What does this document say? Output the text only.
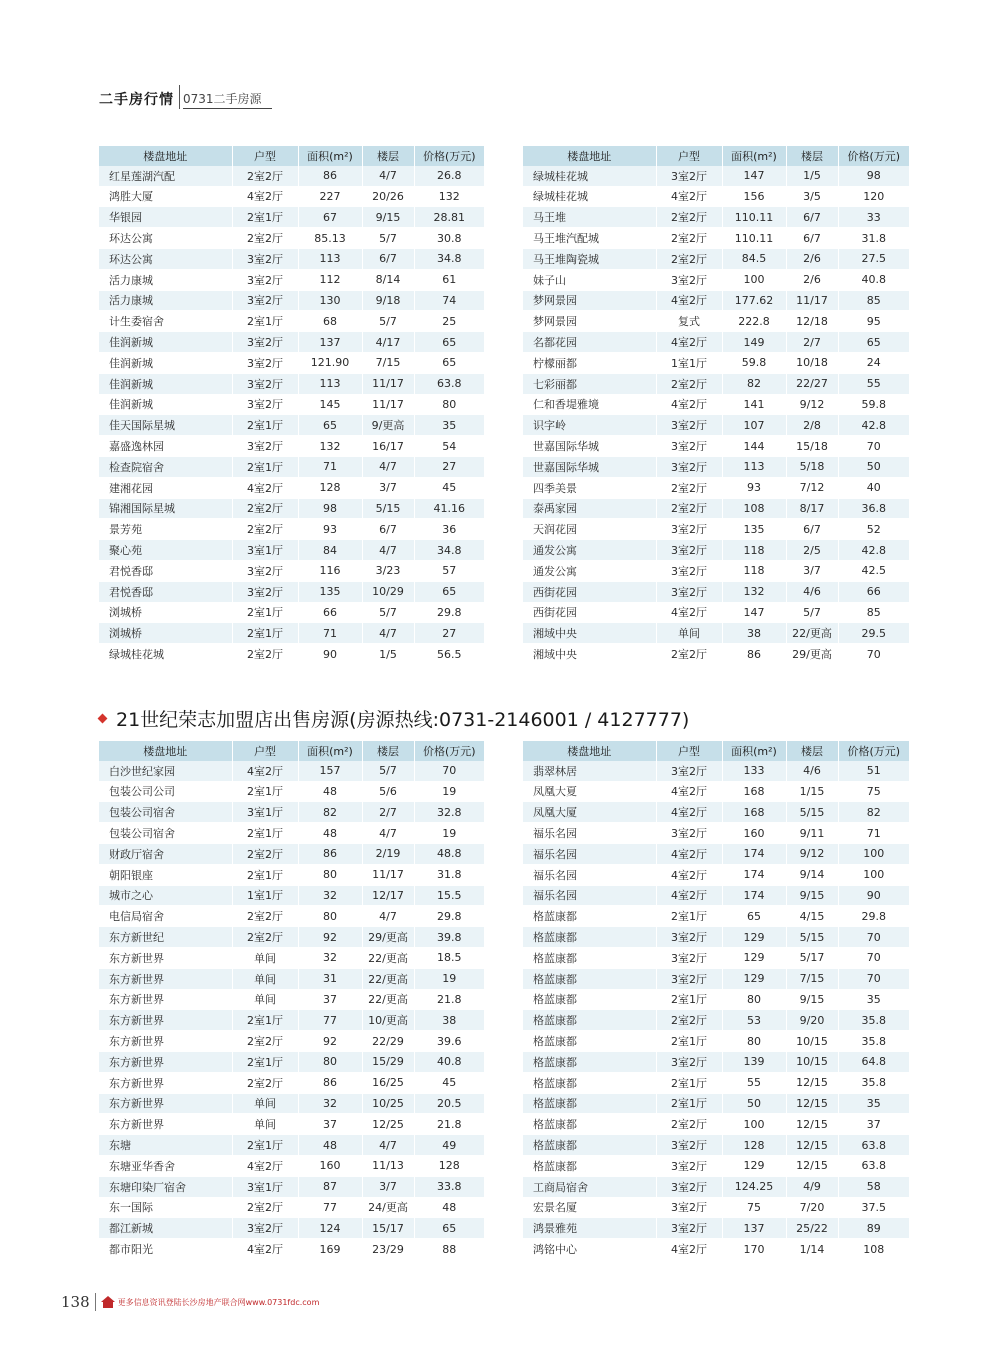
二手房行情 0731二手房源
楼盘地址	户型	面积(m²)	楼层	价格(万元)
红星莲湖汽配	2室2厅	86	4/7	26.8
鸿胜大厦	4室2厅	227	20/26	132
华银园	2室1厅	67	9/15	28.81
环达公寓	2室2厅	85.13	5/7	30.8
环达公寓	3室2厅	113	6/7	34.8
活力康城	3室2厅	112	8/14	61
活力康城	3室2厅	130	9/18	74
计生委宿舍	2室1厅	68	5/7	25
佳润新城	3室2厅	137	4/17	65
佳润新城	3室2厅	121.90	7/15	65
佳润新城	3室2厅	113	11/17	63.8
佳润新城	3室2厅	145	11/17	80
佳天国际星城	2室1厅	65	9/更高	35
嘉盛逸林园	3室2厅	132	16/17	54
检查院宿舍	2室1厅	71	4/7	27
建湘花园	4室2厅	128	3/7	45
锦湘国际星城	2室2厅	98	5/15	41.16
景芳苑	2室2厅	93	6/7	36
聚心苑	3室1厅	84	4/7	34.8
君悦香邸	3室2厅	116	3/23	57
君悦香邸	3室2厅	135	10/29	65
浏城桥	2室1厅	66	5/7	29.8
浏城桥	2室1厅	71	4/7	27
绿城桂花城	2室2厅	90	1/5	56.5
楼盘地址	户型	面积(m²)	楼层	价格(万元)
绿城桂花城	3室2厅	147	1/5	98
绿城桂花城	4室2厅	156	3/5	120
马王堆	2室2厅	110.11	6/7	33
马王堆汽配城	2室2厅	110.11	6/7	31.8
马王堆陶瓷城	2室2厅	84.5	2/6	27.5
妹子山	3室2厅	100	2/6	40.8
梦网景园	4室2厅	177.62	11/17	85
梦网景园	复式	222.8	12/18	95
名都花园	4室2厅	149	2/7	65
柠檬丽都	1室1厅	59.8	10/18	24
七彩丽都	2室2厅	82	22/27	55
仁和香堤雅境	4室2厅	141	9/12	59.8
识字岭	3室2厅	107	2/8	42.8
世嘉国际华城	3室2厅	144	15/18	70
世嘉国际华城	3室2厅	113	5/18	50
四季美景	2室2厅	93	7/12	40
泰禹家园	2室2厅	108	8/17	36.8
天润花园	3室2厅	135	6/7	52
通发公寓	3室2厅	118	2/5	42.8
通发公寓	3室2厅	118	3/7	42.5
西街花园	3室2厅	132	4/6	66
西街花园	4室2厅	147	5/7	85
湘域中央	单间	38	22/更高	29.5
湘域中央	2室2厅	86	29/更高	70
21世纪荣志加盟店出售房源(房源热线:0731-2146001 / 4127777)
楼盘地址	户型	面积(m²)	楼层	价格(万元)
白沙世纪家园	4室2厅	157	5/7	70
包装公司公司	2室1厅	48	5/6	19
包装公司宿舍	3室1厅	82	2/7	32.8
包装公司宿舍	2室1厅	48	4/7	19
财政厅宿舍	2室2厅	86	2/19	48.8
朝阳银座	2室1厅	80	11/17	31.8
城市之心	1室1厅	32	12/17	15.5
电信局宿舍	2室2厅	80	4/7	29.8
东方新世纪	2室2厅	92	29/更高	39.8
东方新世界	单间	32	22/更高	18.5
东方新世界	单间	31	22/更高	19
东方新世界	单间	37	22/更高	21.8
东方新世界	2室1厅	77	10/更高	38
东方新世界	2室2厅	92	22/29	39.6
东方新世界	2室1厅	80	15/29	40.8
东方新世界	2室2厅	86	16/25	45
东方新世界	单间	32	10/25	20.5
东方新世界	单间	37	12/25	21.8
东塘	2室1厅	48	4/7	49
东塘亚华香舍	4室2厅	160	11/13	128
东塘印染厂宿舍	3室1厅	87	3/7	33.8
东一国际	2室2厅	77	24/更高	48
都江新城	3室2厅	124	15/17	65
都市阳光	4室2厅	169	23/29	88
楼盘地址	户型	面积(m²)	楼层	价格(万元)
翡翠林居	3室2厅	133	4/6	51
凤凰大夏	4室2厅	168	1/15	75
凤凰大厦	4室2厅	168	5/15	82
福乐名园	3室2厅	160	9/11	71
福乐名园	4室2厅	174	9/12	100
福乐名园	4室2厅	174	9/14	100
福乐名园	4室2厅	174	9/15	90
格蓝康都	2室1厅	65	4/15	29.8
格蓝康都	3室2厅	129	5/15	70
格蓝康都	3室2厅	129	5/17	70
格蓝康都	3室2厅	129	7/15	70
格蓝康都	2室1厅	80	9/15	35
格蓝康都	2室2厅	53	9/20	35.8
格蓝康都	2室1厅	80	10/15	35.8
格蓝康都	3室2厅	139	10/15	64.8
格蓝康都	2室1厅	55	12/15	35.8
格蓝康都	2室1厅	50	12/15	35
格蓝康都	2室2厅	100	12/15	37
格蓝康都	3室2厅	128	12/15	63.8
格蓝康都	3室2厅	129	12/15	63.8
工商局宿舍	3室2厅	124.25	4/9	58
宏景名厦	3室2厅	75	7/20	37.5
鸿景雅苑	3室2厅	137	25/22	89
鸿铭中心	4室2厅	170	1/14	108
138	更多信息资讯登陆长沙房地产联合网www.0731fdc.com
